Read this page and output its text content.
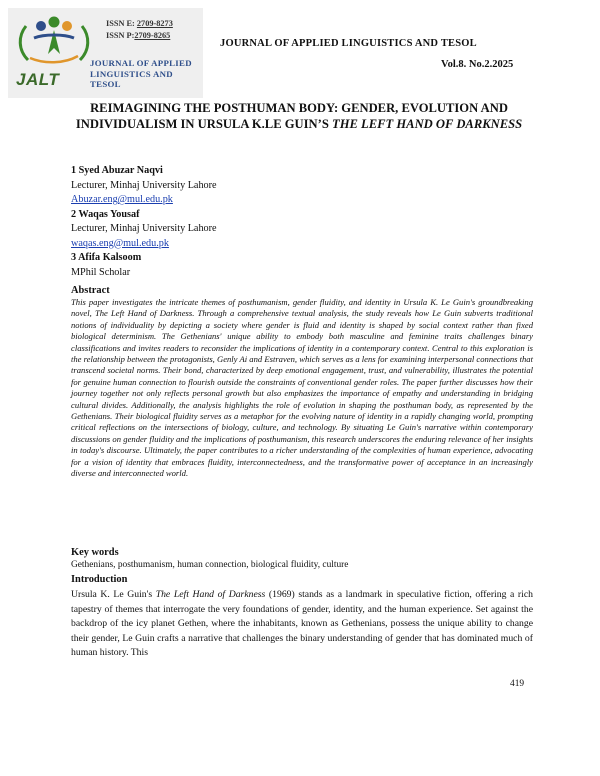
JALT
JOURNAL OF APPLIED
LINGUISTICS AND
TESOL
ISSN E: 2709-8273
ISSN P:2709-8265
JOURNAL OF APPLIED LINGUISTICS AND TESOL
Vol.8. No.2.2025
REIMAGINING THE POSTHUMAN BODY: GENDER, EVOLUTION AND INDIVIDUALISM IN URSULA K.LE GUIN’S THE LEFT HAND OF DARKNESS
1 Syed Abuzar Naqvi
Lecturer, Minhaj University Lahore
Abuzar.eng@mul.edu.pk
2 Waqas Yousaf
Lecturer, Minhaj University Lahore
waqas.eng@mul.edu.pk
3 Afifa Kalsoom
MPhil Scholar
Abstract
This paper investigates the intricate themes of posthumanism, gender fluidity, and identity in Ursula K. Le Guin's groundbreaking novel, The Left Hand of Darkness. Through a comprehensive textual analysis, the study reveals how Le Guin subverts traditional notions of individuality by depicting a society where gender is fluid and identity is shaped by social context rather than fixed biological determinism. The Gethenians' unique ability to embody both masculine and feminine traits challenges binary classifications and invites readers to reconsider the implications of identity in a contemporary context. Central to this exploration is the relationship between the protagonists, Genly Ai and Estraven, which serves as a lens for examining interpersonal connections that transcend societal norms. Their bond, characterized by deep emotional engagement, trust, and vulnerability, illustrates the potential for genuine human connection to flourish outside the constraints of conventional gender roles. The paper further discusses how their journey together not only reflects personal growth but also emphasizes the importance of empathy and understanding in bridging cultural divides. Additionally, the analysis highlights the role of evolution in shaping the posthuman body, as represented by the Gethenians. Their biological fluidity serves as a metaphor for the evolving nature of identity in a rapidly changing world, prompting critical reflections on the intersections of biology, culture, and technology. By situating Le Guin's narrative within contemporary discussions on gender fluidity and the implications of posthumanism, this research underscores the enduring relevance of her insights in today's discourse. Ultimately, the paper contributes to a richer understanding of the complexities of human experience, advocating for a vision of identity that embraces fluidity, interconnectedness, and the transformative power of acceptance in an increasingly diverse and interconnected world.
Key words
Gethenians, posthumanism, human connection, biological fluidity, culture
Introduction
Ursula K. Le Guin's The Left Hand of Darkness (1969) stands as a landmark in speculative fiction, offering a rich tapestry of themes that interrogate the very foundations of gender, identity, and the human experience. Set against the backdrop of the icy planet Gethen, where the inhabitants, known as Gethenians, possess the unique ability to change their gender, Le Guin crafts a narrative that challenges the binary understanding of gender that has dominated much of human history. This
419
